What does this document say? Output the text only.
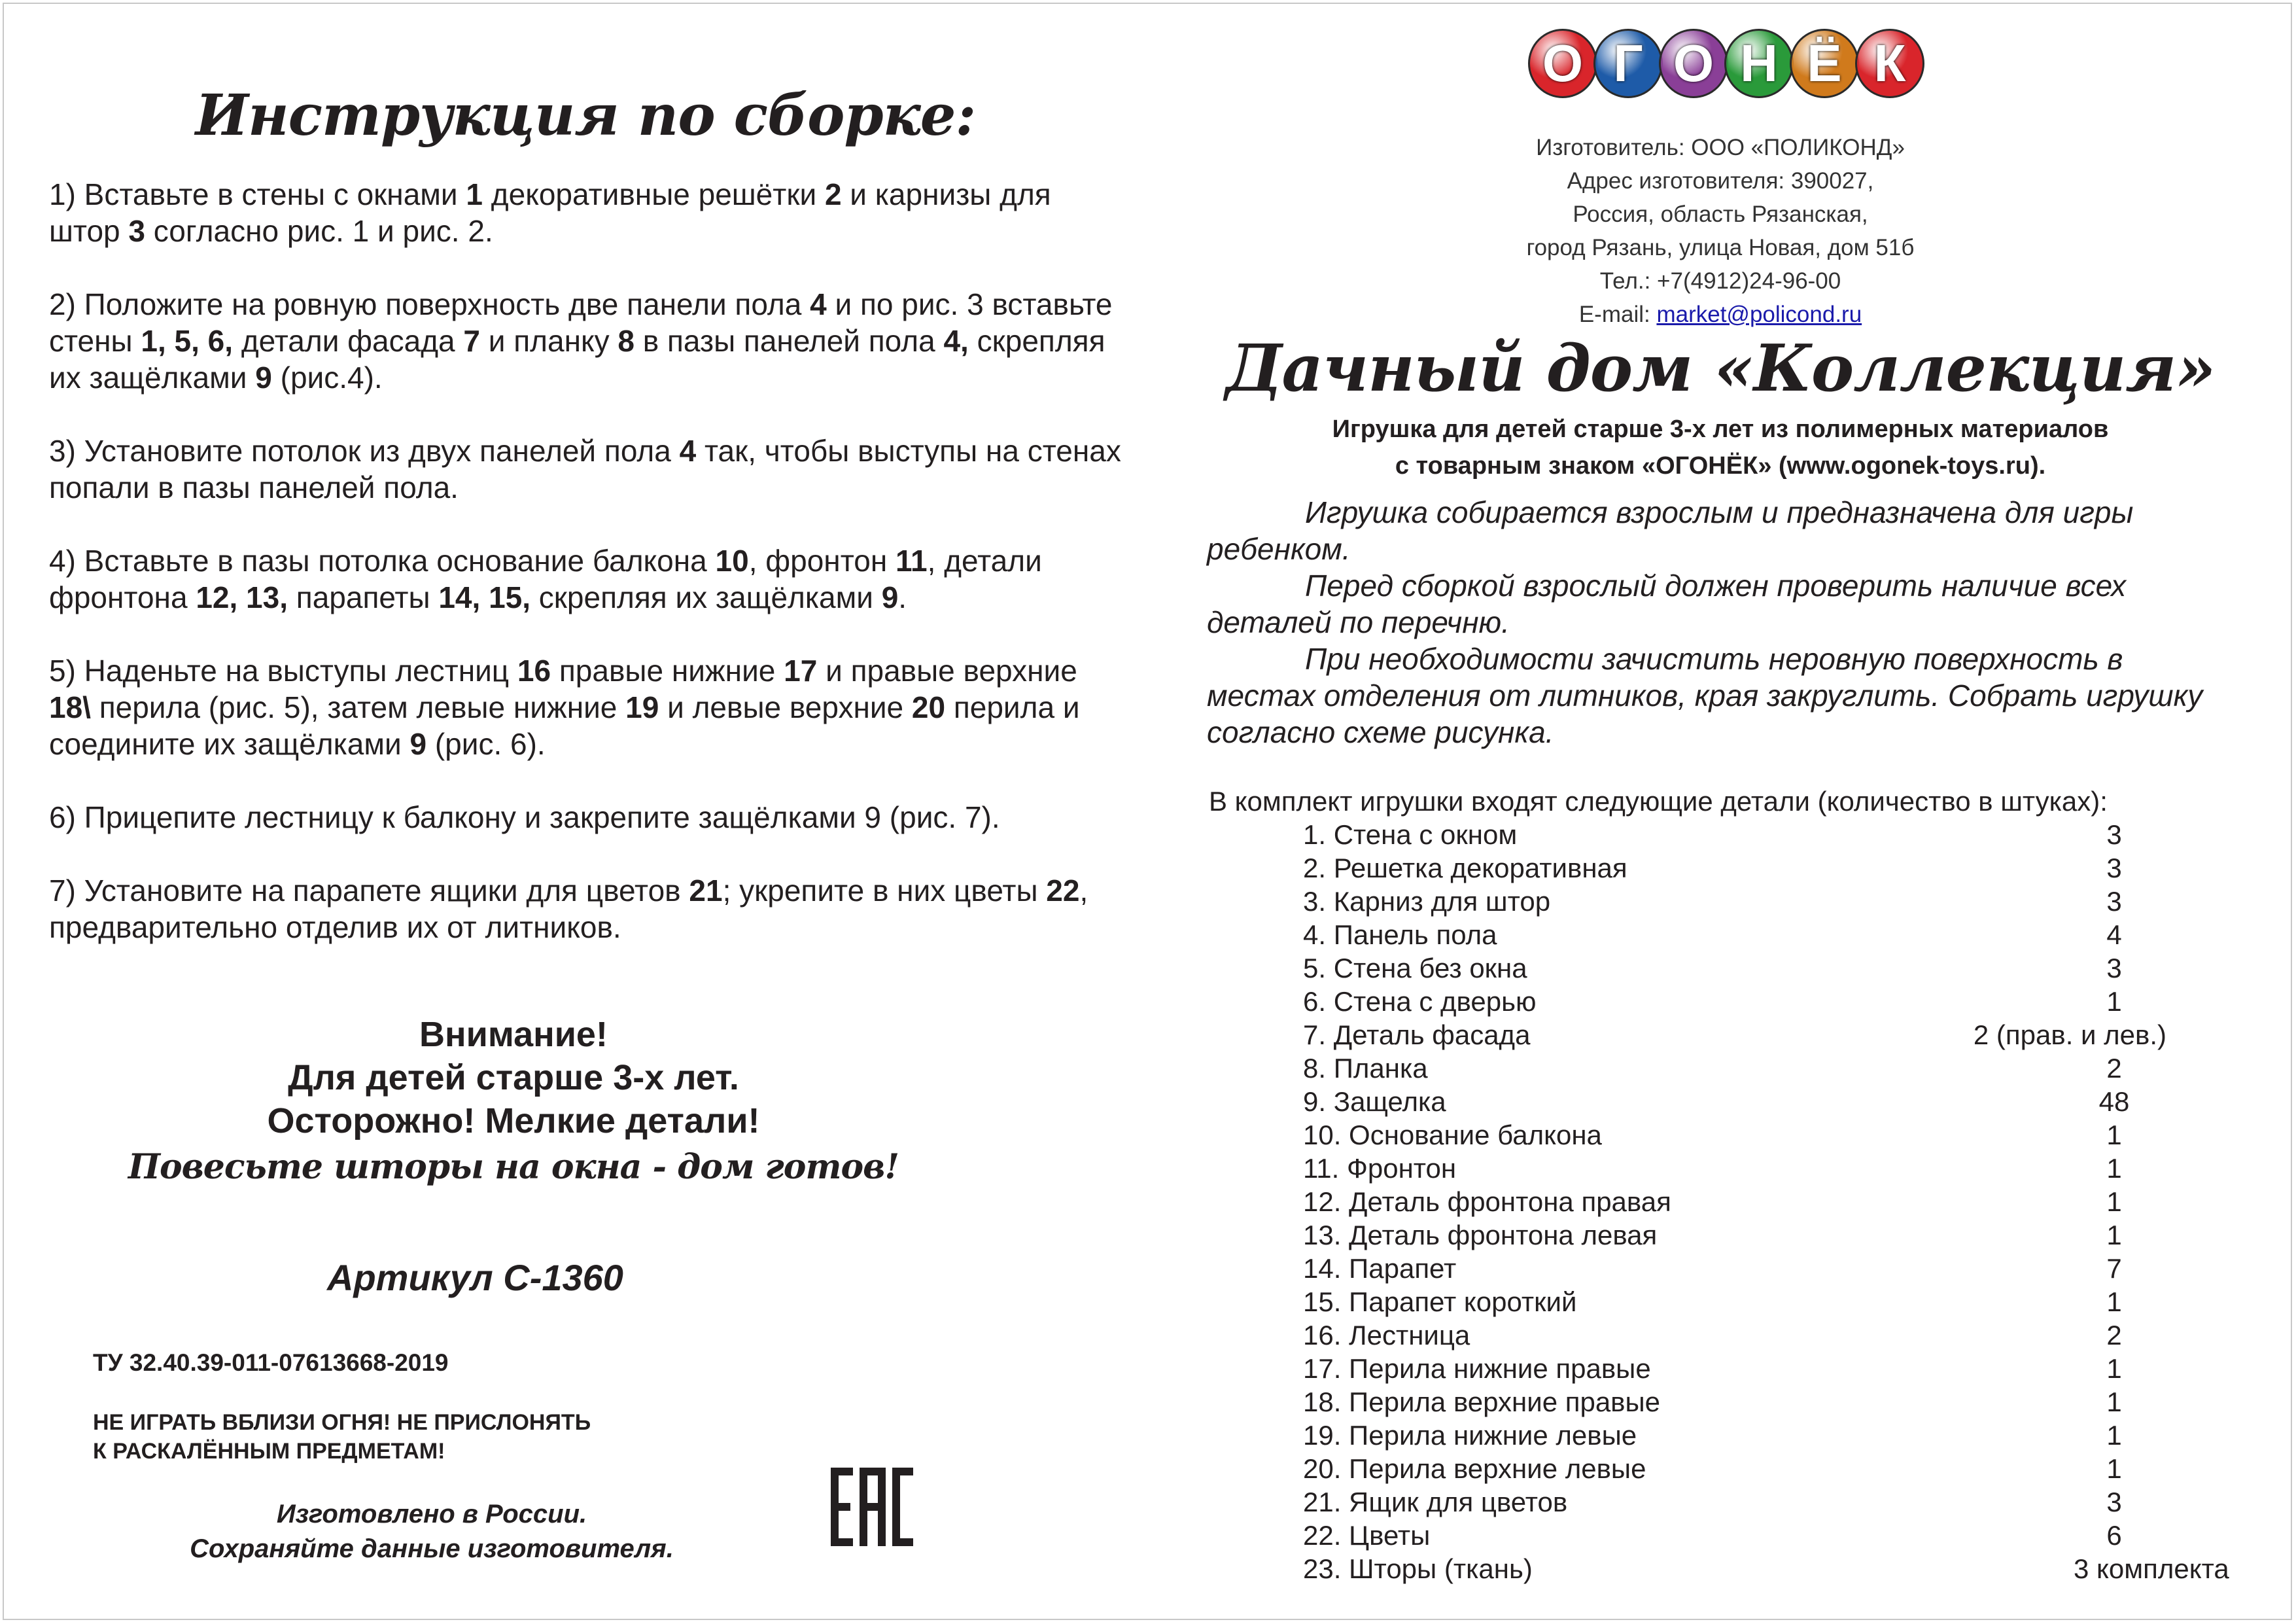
Инструкция по сборке:

1) Вставьте в стены с окнами 1 декоративные решётки 2 и карнизы для штор 3 согласно рис. 1 и рис. 2.

2) Положите на ровную поверхность две панели пола 4 и по рис. 3 вставьте стены 1, 5, 6, детали фасада 7 и планку 8 в пазы панелей пола 4, скрепляя их защёлками 9 (рис.4).

3) Установите потолок из двух панелей пола 4 так, чтобы выступы на стенах попали в пазы панелей пола.

4) Вставьте в пазы потолка основание балкона 10, фронтон 11, детали фронтона 12, 13, парапеты 14, 15, скрепляя их защёлками 9.

5) Наденьте на выступы лестниц 16 правые нижние 17 и правые верхние 18\ перила (рис. 5), затем левые нижние 19 и левые верхние 20 перила и соедините их защёлками 9 (рис. 6).

6) Прицепите лестницу к балкону и закрепите защёлками 9 (рис. 7).

7) Установите на парапете ящики для цветов 21; укрепите в них цветы 22, предварительно отделив их от литников.

Внимание!
Для детей старше 3-х лет.
Осторожно! Мелкие детали!
Повесьте шторы на окна - дом готов!
Артикул С-1360
ТУ 32.40.39-011-07613668-2019
НЕ ИГРАТЬ ВБЛИЗИ ОГНЯ! НЕ ПРИСЛОНЯТЬ
К РАСКАЛЁННЫМ ПРЕДМЕТАМ!
Изготовлено в России.
Сохраняйте данные изготовителя.
О Г О Н Ё К
Изготовитель: ООО «ПОЛИКОНД»
Адрес изготовителя: 390027,
Россия, область Рязанская,
город Рязань, улица Новая, дом 51б
Тел.: +7(4912)24-96-00
E-mail: market@policond.ru
Дачный дом «Коллекция»
Игрушка для детей старше 3-х лет из полимерных материалов
с товарным знаком «ОГОНЁК» (www.ogonek-toys.ru).

Игрушка собирается взрослым и предназначена для игры ребенком.

Перед сборкой взрослый должен проверить наличие всех деталей по перечню.

При необходимости зачистить неровную поверхность в местах отделения от литников, края закруглить. Собрать игрушку согласно схеме рисунка.

В комплект игрушки входят следующие детали (количество в штуках):
1. Стена с окном	3
2. Решетка декоративная	3
3. Карниз для штор	3
4. Панель пола	4
5. Стена без окна	3
6. Стена с дверью	1
7. Деталь фасада	2 (прав. и лев.)
8. Планка	2
9. Защелка	48
10. Основание балкона	1
11. Фронтон	1
12. Деталь фронтона правая	1
13. Деталь фронтона левая	1
14. Парапет	7
15. Парапет короткий	1
16. Лестница	2
17. Перила нижние правые	1
18. Перила верхние правые	1
19. Перила нижние левые	1
20. Перила верхние левые	1
21. Ящик для цветов	3
22. Цветы	6
23. Шторы (ткань)	3 комплекта
